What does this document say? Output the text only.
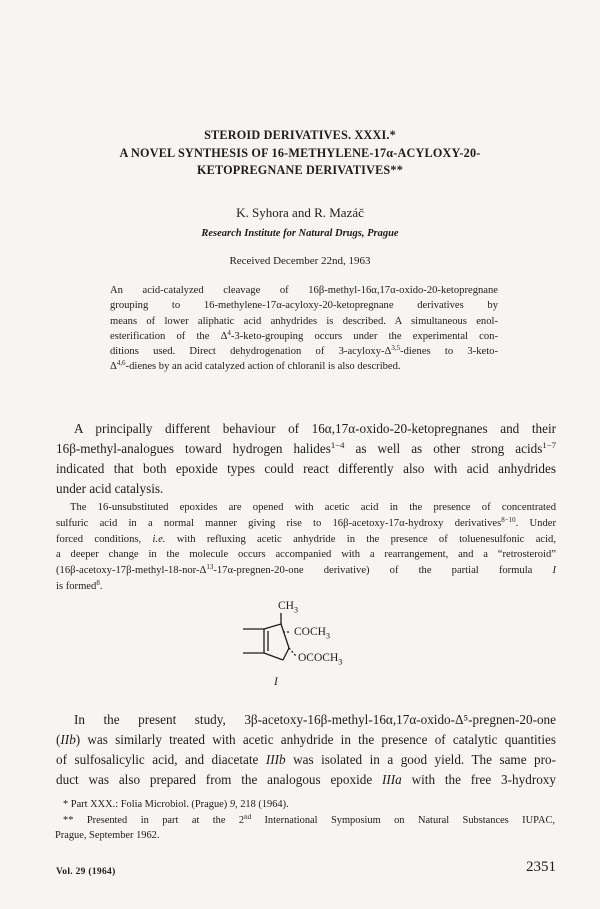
STEROID DERIVATIVES. XXXI.*
A NOVEL SYNTHESIS OF 16-METHYLENE-17α-ACYLOXY-20-
KETOPREGNANE DERIVATIVES**
K. Syhora and R. Mazáč
Research Institute for Natural Drugs, Prague
Received December 22nd, 1963
An acid-catalyzed cleavage of 16β-methyl-16α,17α-oxido-20-ketopregnane
grouping to 16-methylene-17α-acyloxy-20-ketopregnane derivatives by
means of lower aliphatic acid anhydrides is described. A simultaneous enol-
esterification of the $\Delta^4-3-keto$-grouping occurs under the experimental con-
ditions used. Direct dehydrogenation of $3-acyloxy-\Delta^{3,5}$-dienes to 3-keto-
Δ$^{4,6}$-dienes by an acid catalyzed action of chloranil is also described.
A principally different behaviour of 16α,17α-oxido-20-ketopregnanes and their
16β-methyl-analogues toward hydrogen halides$^{1-4}$ as well as other strong acids$^{1-7}$
indicated that both epoxide types could react differently also with acid anhydrides
under acid catalysis.
The 16-unsubstituted epoxides are opened with acetic acid in the presence of concentrated
sulfuric acid in a normal manner giving rise to 16β-acetoxy-17α-hydroxy derivatives$^{8-10}$. Under
forced conditions, i.e. with refluxing acetic anhydride in the presence of toluenesulfonic acid,
a deeper change in the molecule occurs accompanied with a rearrangement, and a “retrosteroid”
($16\beta-acetoxy-17\beta-methyl-18-nor-\Delta^{13}-17\alpha-pregnen-20$-one derivative) of the partial formula I
is formed$^8$.
$CH_3$
$COCH_3$
$OCOCH_3$
I
In the present study, 3β-acetoxy-16β-methyl-16α,17α-oxido-Δ⁵-pregnen-20-one
(IIb) was similarly treated with acetic anhydride in the presence of catalytic quantities
of sulfosalicylic acid, and diacetate IIIb was isolated in a good yield. The same pro-
duct was also prepared from the analogous epoxide IIIa with the free 3-hydroxy
* Part XXX.: Folia Microbiol. (Prague) 9, 218 (1964).
** Presented in part at the 2nd International Symposium on Natural Substances IUPAC,
Prague, September 1962.
Vol. 29 (1964)	2351
